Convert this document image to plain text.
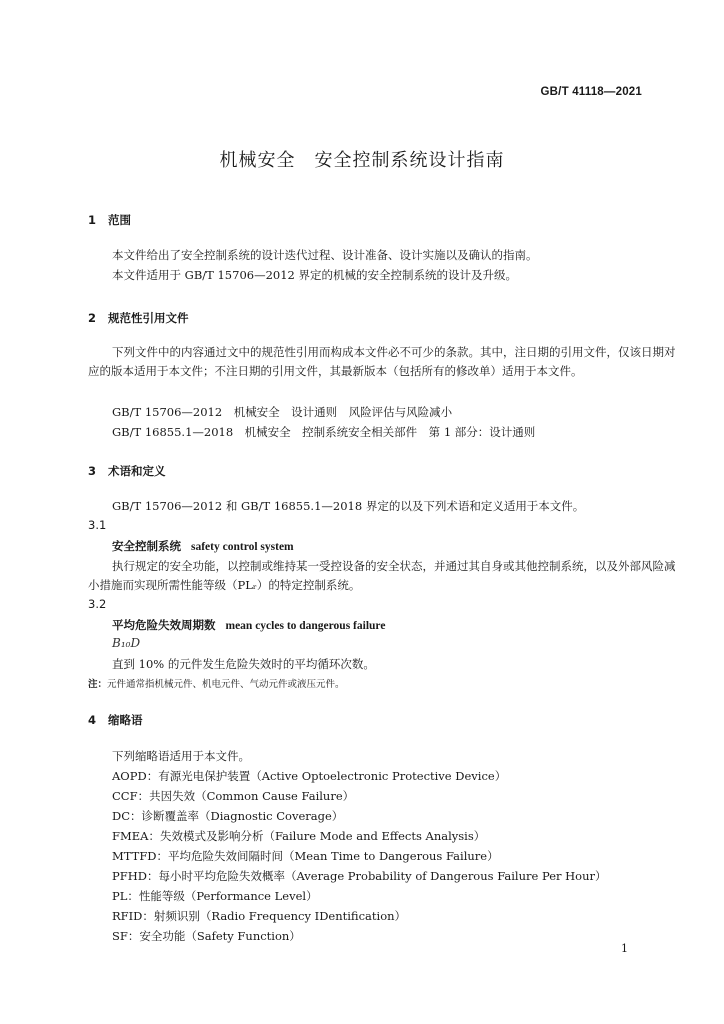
GB/T 41118—2021
机械安全　安全控制系统设计指南
1 范围
本文件给出了安全控制系统的设计迭代过程、设计准备、设计实施以及确认的指南。
本文件适用于 GB/T 15706—2012 界定的机械的安全控制系统的设计及升级。
2 规范性引用文件
下列文件中的内容通过文中的规范性引用而构成本文件必不可少的条款。其中，注日期的引用文件，仅该日期对应的版本适用于本文件；不注日期的引用文件，其最新版本（包括所有的修改单）适用于本文件。
GB/T 15706—2012　机械安全　设计通则　风险评估与风险减小
GB/T 16855.1—2018　机械安全　控制系统安全相关部件　第 1 部分：设计通则
3 术语和定义
GB/T 15706—2012 和 GB/T 16855.1—2018 界定的以及下列术语和定义适用于本文件。
3.1
安全控制系统 safety control system
执行规定的安全功能，以控制或维持某一受控设备的安全状态，并通过其自身或其他控制系统，以及外部风险减小措施而实现所需性能等级（PLᵣ）的特定控制系统。
3.2
平均危险失效周期数 mean cycles to dangerous failure
B₁₀D
直到 10% 的元件发生危险失效时的平均循环次数。
注：元件通常指机械元件、机电元件、气动元件或液压元件。
4 缩略语
下列缩略语适用于本文件。
AOPD：有源光电保护装置（Active Optoelectronic Protective Device）
CCF：共因失效（Common Cause Failure）
DC：诊断覆盖率（Diagnostic Coverage）
FMEA：失效模式及影响分析（Failure Mode and Effects Analysis）
MTTFD：平均危险失效间隔时间（Mean Time to Dangerous Failure）
PFHD：每小时平均危险失效概率（Average Probability of Dangerous Failure Per Hour）
PL：性能等级（Performance Level）
RFID：射频识别（Radio Frequency IDentification）
SF：安全功能（Safety Function）
1
